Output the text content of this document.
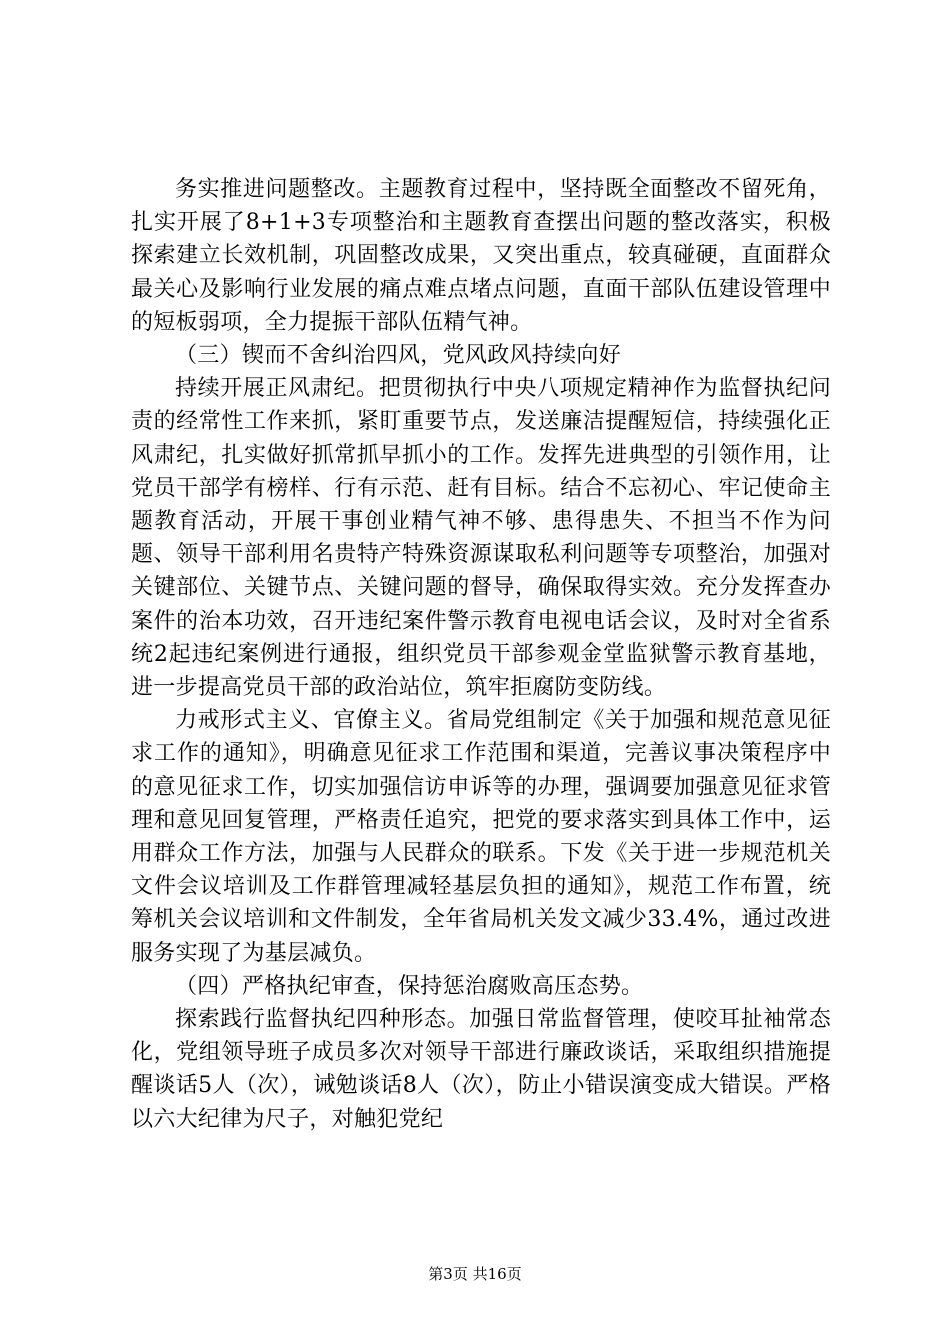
务实推进问题整改。主题教育过程中，坚持既全面整改不留死角，扎实开展了8+1+3专项整治和主题教育查摆出问题的整改落实，积极探索建立长效机制，巩固整改成果，又突出重点，较真碰硬，直面群众最关心及影响行业发展的痛点难点堵点问题，直面干部队伍建设管理中的短板弱项，全力提振干部队伍精气神。

（三）锲而不舍纠治四风，党风政风持续向好

持续开展正风肃纪。把贯彻执行中央八项规定精神作为监督执纪问责的经常性工作来抓，紧盯重要节点，发送廉洁提醒短信，持续强化正风肃纪，扎实做好抓常抓早抓小的工作。发挥先进典型的引领作用，让党员干部学有榜样、行有示范、赶有目标。结合不忘初心、牢记使命主题教育活动，开展干事创业精气神不够、患得患失、不担当不作为问题、领导干部利用名贵特产特殊资源谋取私利问题等专项整治，加强对关键部位、关键节点、关键问题的督导，确保取得实效。充分发挥查办案件的治本功效，召开违纪案件警示教育电视电话会议，及时对全省系统2起违纪案例进行通报，组织党员干部参观金堂监狱警示教育基地，进一步提高党员干部的政治站位，筑牢拒腐防变防线。

力戒形式主义、官僚主义。省局党组制定《关于加强和规范意见征求工作的通知》，明确意见征求工作范围和渠道，完善议事决策程序中的意见征求工作，切实加强信访申诉等的办理，强调要加强意见征求管理和意见回复管理，严格责任追究，把党的要求落实到具体工作中，运用群众工作方法，加强与人民群众的联系。下发《关于进一步规范机关文件会议培训及工作群管理减轻基层负担的通知》，规范工作布置，统筹机关会议培训和文件制发，全年省局机关发文减少33.4%，通过改进服务实现了为基层减负。

（四）严格执纪审查，保持惩治腐败高压态势。

探索践行监督执纪四种形态。加强日常监督管理，使咬耳扯袖常态化，党组领导班子成员多次对领导干部进行廉政谈话，采取组织措施提醒谈话5人（次），诫勉谈话8人（次），防止小错误演变成大错误。严格以六大纪律为尺子，对触犯党纪

第3页 共16页
